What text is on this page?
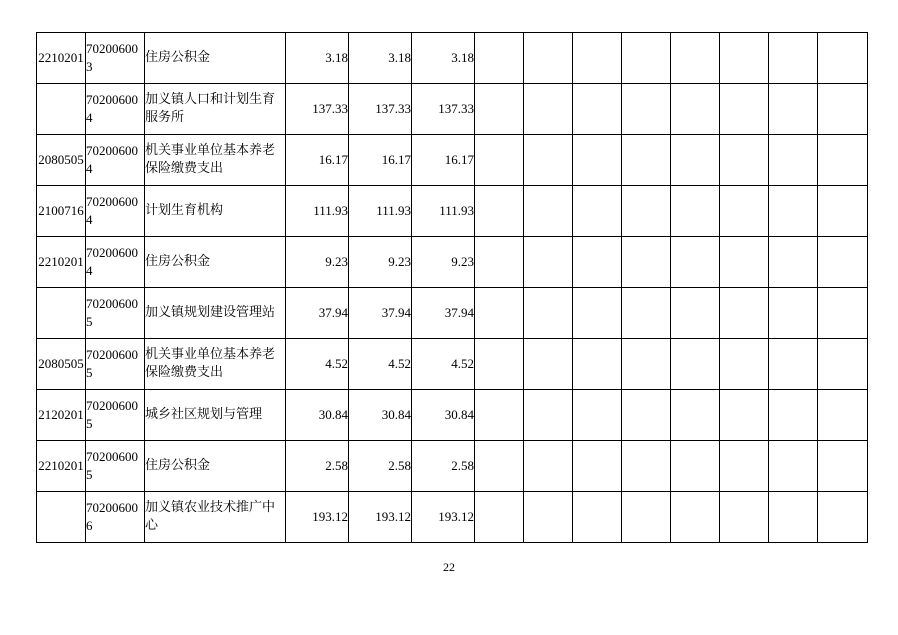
2210201	702006003	住房公积金	3.18	3.18	3.18								

	702006004	加义镇人口和计划生育服务所	137.33	137.33	137.33								

2080505	702006004	机关事业单位基本养老保险缴费支出	16.17	16.17	16.17								

2100716	702006004	计划生育机构	111.93	111.93	111.93								

2210201	702006004	住房公积金	9.23	9.23	9.23								

	702006005	加义镇规划建设管理站	37.94	37.94	37.94								

2080505	702006005	机关事业单位基本养老保险缴费支出	4.52	4.52	4.52								

2120201	702006005	城乡社区规划与管理	30.84	30.84	30.84								

2210201	702006005	住房公积金	2.58	2.58	2.58								

	702006006	加义镇农业技术推广中心	193.12	193.12	193.12								

22
